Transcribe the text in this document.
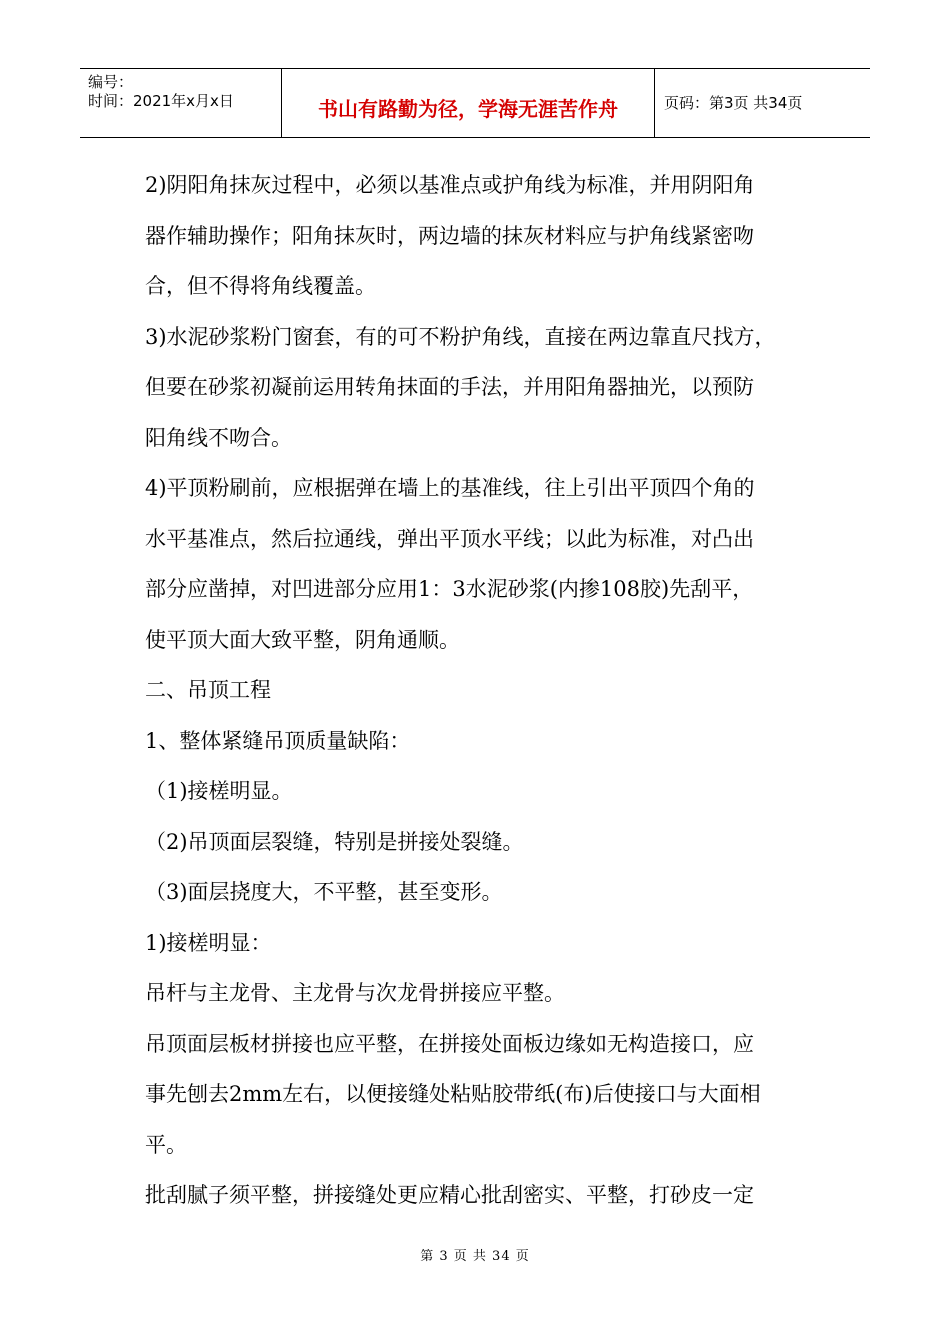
编号：
时间：2021年x月x日	书山有路勤为径，学海无涯苦作舟	页码：第3页 共34页

2)阴阳角抹灰过程中，必须以基准点或护角线为标准，并用阴阳角

器作辅助操作；阳角抹灰时，两边墙的抹灰材料应与护角线紧密吻

合，但不得将角线覆盖。

3)水泥砂浆粉门窗套，有的可不粉护角线，直接在两边靠直尺找方，

但要在砂浆初凝前运用转角抹面的手法，并用阳角器抽光，以预防

阳角线不吻合。

4)平顶粉刷前，应根据弹在墙上的基准线，往上引出平顶四个角的

水平基准点，然后拉通线，弹出平顶水平线；以此为标准，对凸出

部分应凿掉，对凹进部分应用1：3水泥砂浆(内掺108胶)先刮平，

使平顶大面大致平整，阴角通顺。

二、吊顶工程

1、整体紧缝吊顶质量缺陷：

（1)接槎明显。

（2)吊顶面层裂缝，特别是拼接处裂缝。

（3)面层挠度大，不平整，甚至变形。

1)接槎明显：

吊杆与主龙骨、主龙骨与次龙骨拼接应平整。

吊顶面层板材拼接也应平整，在拼接处面板边缘如无构造接口，应

事先刨去2mm左右，以便接缝处粘贴胶带纸(布)后使接口与大面相

平。

批刮腻子须平整，拼接缝处更应精心批刮密实、平整，打砂皮一定

第 3 页 共 34 页
